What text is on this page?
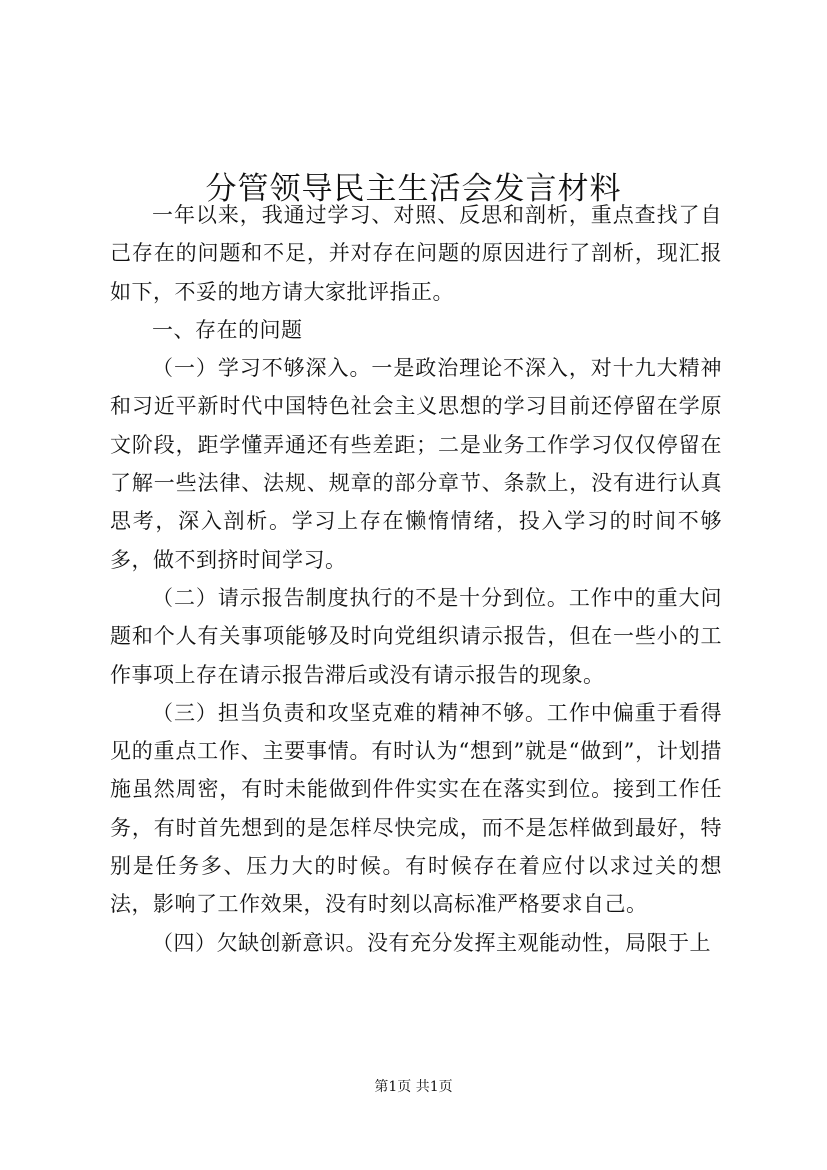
分管领导民主生活会发言材料

一年以来，我通过学习、对照、反思和剖析，重点查找了自己存在的问题和不足，并对存在问题的原因进行了剖析，现汇报如下，不妥的地方请大家批评指正。

一、存在的问题

（一）学习不够深入。一是政治理论不深入，对十九大精神和习近平新时代中国特色社会主义思想的学习目前还停留在学原文阶段，距学懂弄通还有些差距；二是业务工作学习仅仅停留在了解一些法律、法规、规章的部分章节、条款上，没有进行认真思考，深入剖析。学习上存在懒惰情绪，投入学习的时间不够多，做不到挤时间学习。

（二）请示报告制度执行的不是十分到位。工作中的重大问题和个人有关事项能够及时向党组织请示报告，但在一些小的工作事项上存在请示报告滞后或没有请示报告的现象。

（三）担当负责和攻坚克难的精神不够。工作中偏重于看得见的重点工作、主要事情。有时认为“想到”就是“做到”，计划措施虽然周密，有时未能做到件件实实在在落实到位。接到工作任务，有时首先想到的是怎样尽快完成，而不是怎样做到最好，特别是任务多、压力大的时候。有时候存在着应付以求过关的想法，影响了工作效果，没有时刻以高标准严格要求自己。

（四）欠缺创新意识。没有充分发挥主观能动性，局限于上

第1页 共1页
